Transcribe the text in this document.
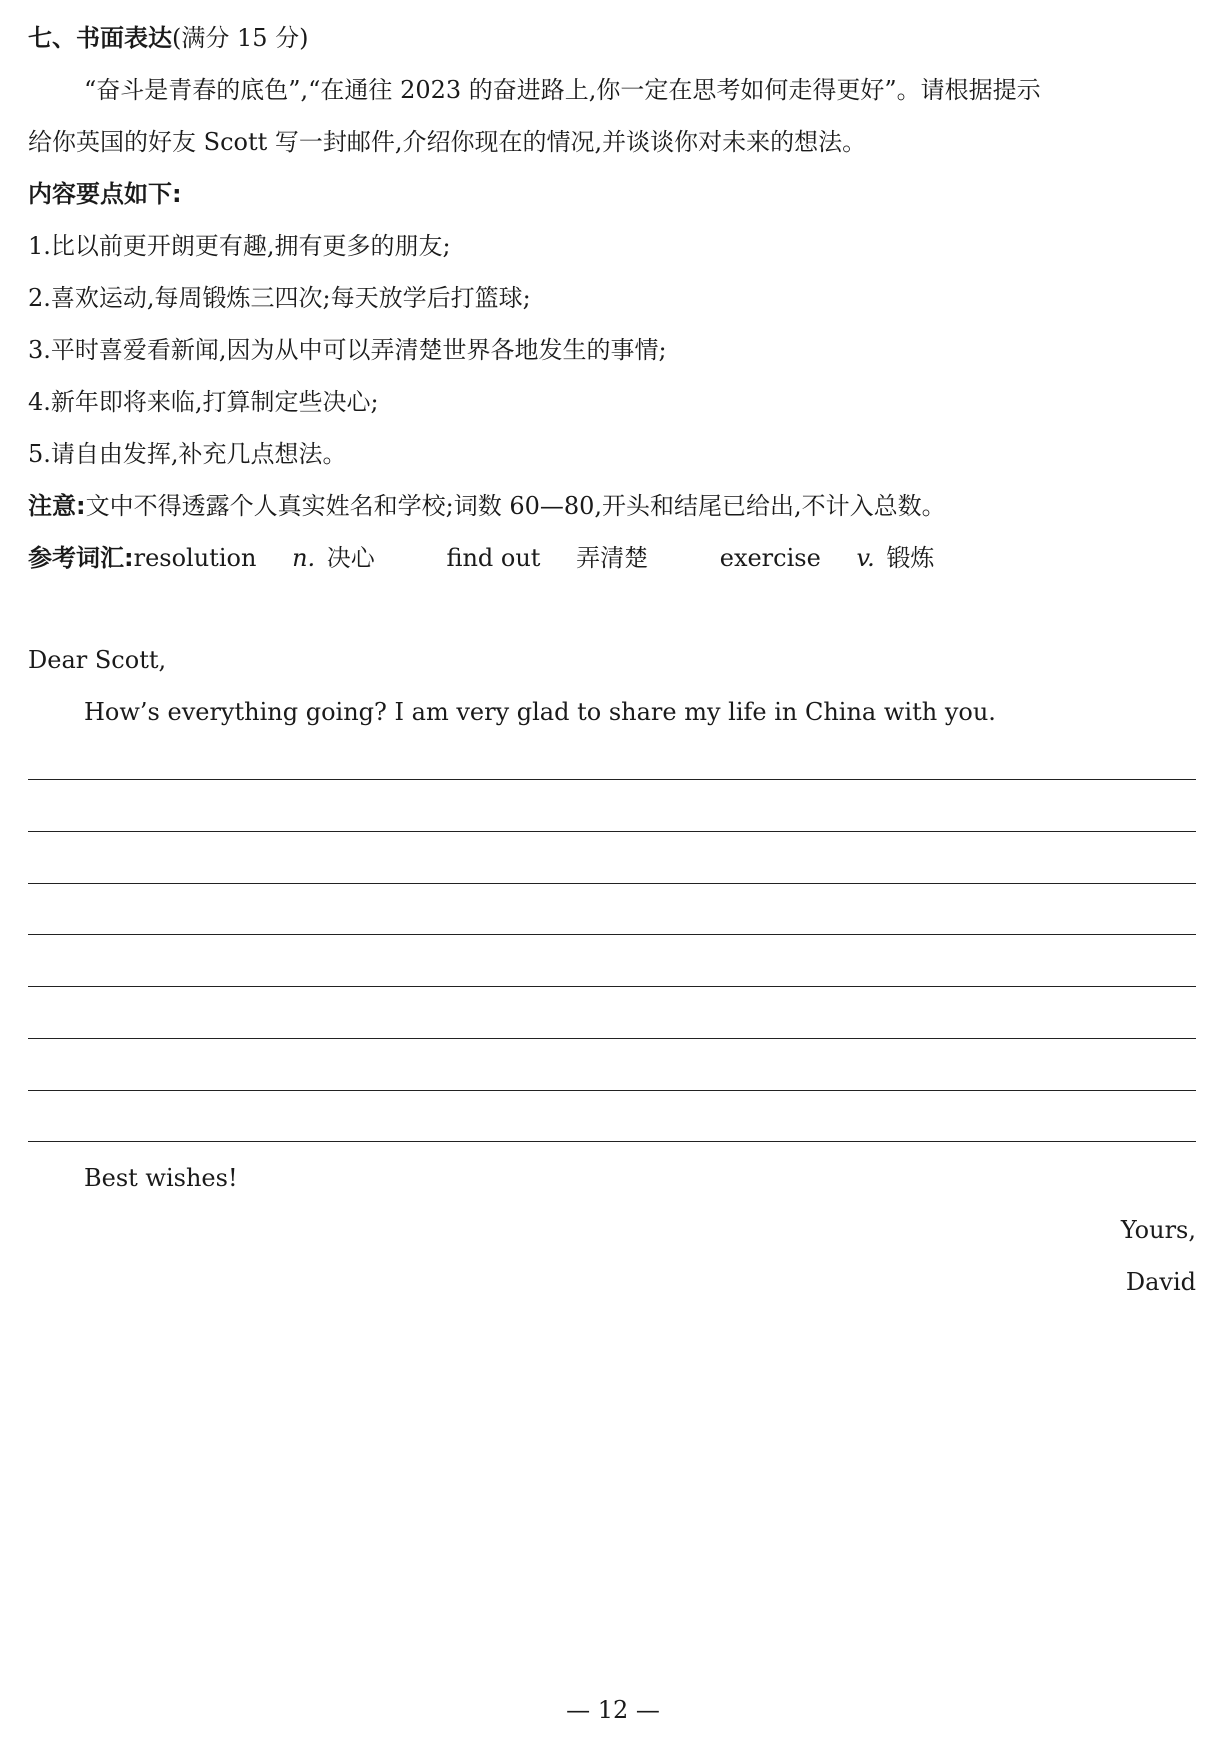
七、书面表达(满分 15 分)
“奋斗是青春的底色”,“在通往 2023 的奋进路上,你一定在思考如何走得更好”。请根据提示
给你英国的好友 Scott 写一封邮件,介绍你现在的情况,并谈谈你对未来的想法。
内容要点如下:
1.比以前更开朗更有趣,拥有更多的朋友;
2.喜欢运动,每周锻炼三四次;每天放学后打篮球;
3.平时喜爱看新闻,因为从中可以弄清楚世界各地发生的事情;
4.新年即将来临,打算制定些决心;
5.请自由发挥,补充几点想法。
注意:文中不得透露个人真实姓名和学校;词数 60—80,开头和结尾已给出,不计入总数。
参考词汇:resolution n. 决心	find out 弄清楚	exercise v. 锻炼
Dear Scott,
How’s everything going? I am very glad to share my life in China with you.
Best wishes!
Yours,
David
— 12 —
